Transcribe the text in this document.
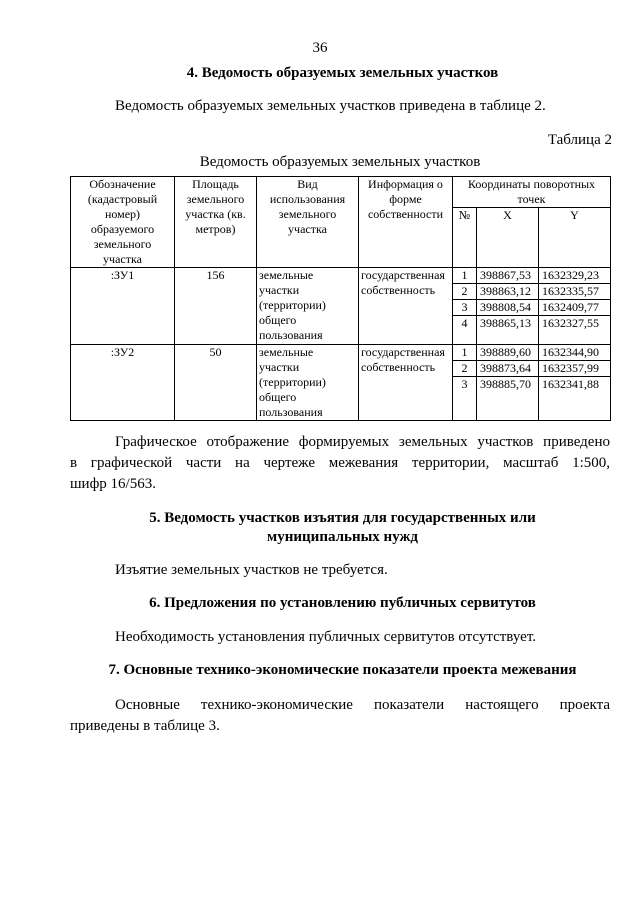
36
4. Ведомость образуемых земельных участков
Ведомость образуемых земельных участков приведена в таблице 2.
Таблица 2
Ведомость образуемых земельных участков
Обозначение (кадастровый номер) образуемого земельного участка	Площадь земельного участка (кв. метров)	Вид использования земельного участка	Информация о форме собственности	Координаты поворотных точек		
				№	X	Y
:ЗУ1	156	земельные участки (территории) общего пользования	государственная собственность	1	398867,53	1632329,23
				2	398863,12	1632335,57
				3	398808,54	1632409,77
				4	398865,13	1632327,55
:ЗУ2	50	земельные участки (территории) общего пользования	государственная собственность	1	398889,60	1632344,90
				2	398873,64	1632357,99
				3	398885,70	1632341,88
Графическое отображение формируемых земельных участков приведено
в графической части на чертеже межевания территории, масштаб 1:500,
шифр 16/563.
5. Ведомость участков изъятия для государственных или
муниципальных нужд
Изъятие земельных участков не требуется.
6. Предложения по установлению публичных сервитутов
Необходимость установления публичных сервитутов отсутствует.
7. Основные технико-экономические показатели проекта межевания
Основные технико-экономические показатели настоящего проекта
приведены в таблице 3.
